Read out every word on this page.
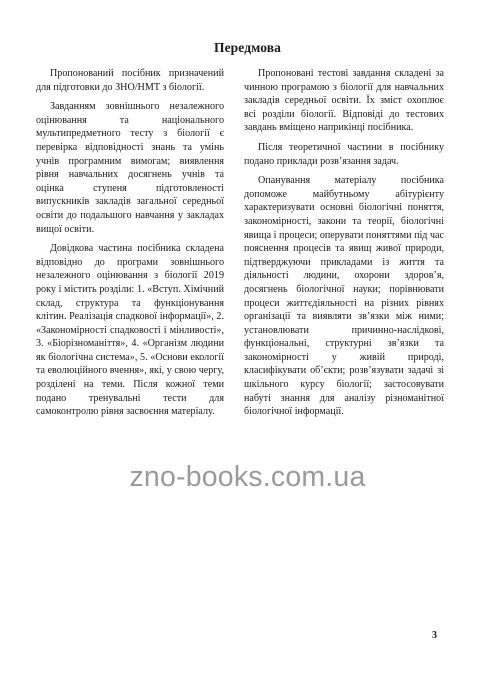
Передмова

Пропонований посібник призначений для підготовки до ЗНО/НМТ з біології.

Завданням зовнішнього незалежного оцінювання та національного мультипредметного тесту з біології є перевірка відповідності знань та умінь учнів програмним вимогам; виявлення рівня навчальних досягнень учнів та оцінка ступеня підготовленості випускників закладів загальної середньої освіти до подальшого навчання у закладах вищої освіти.

Довідкова частина посібника складена відповідно до програми зовнішнього незалежного оцінювання з біології 2019 року і містить розділи: 1. «Вступ. Хімічний склад, структура та функціонування клітин. Реалізація спадкової інформації», 2. «Закономірності спадковості і мінливості», 3. «Біорізноманіття», 4. «Організм людини як біологічна система», 5. «Основи екології та еволюційного вчення», які, у свою чергу, розділені на теми. Після кожної теми подано тренувальні тести для самоконтролю рівня засвоєння матеріалу.

Пропоновані тестові завдання складені за чинною програмою з біології для навчальних закладів середньої освіти. Їх зміст охоплює всі розділи біології. Відповіді до тестових завдань вміщено наприкінці посібника.

Після теоретичної частини в посібнику подано приклади розв’язання задач.

Опанування матеріалу посібника допоможе майбутньому абітурієнту характеризувати основні біологічні поняття, закономірності, закони та теорії, біологічні явища і процеси; оперувати поняттями під час пояснення процесів та явищ живої природи, підтверджуючи прикладами із життя та діяльності людини, охорони здоров’я, досягнень біологічної науки; порівнювати процеси життєдіяльності на різних рівнях організації та виявляти зв’язки між ними; установлювати причинно-наслідкові, функціональні, структурні зв’язки та закономірності у живій природі, класифікувати об’єкти; розв’язувати задачі зі шкільного курсу біології; застосовувати набуті знання для аналізу різноманітної біологічної інформації.

zno-books.com.ua
3
